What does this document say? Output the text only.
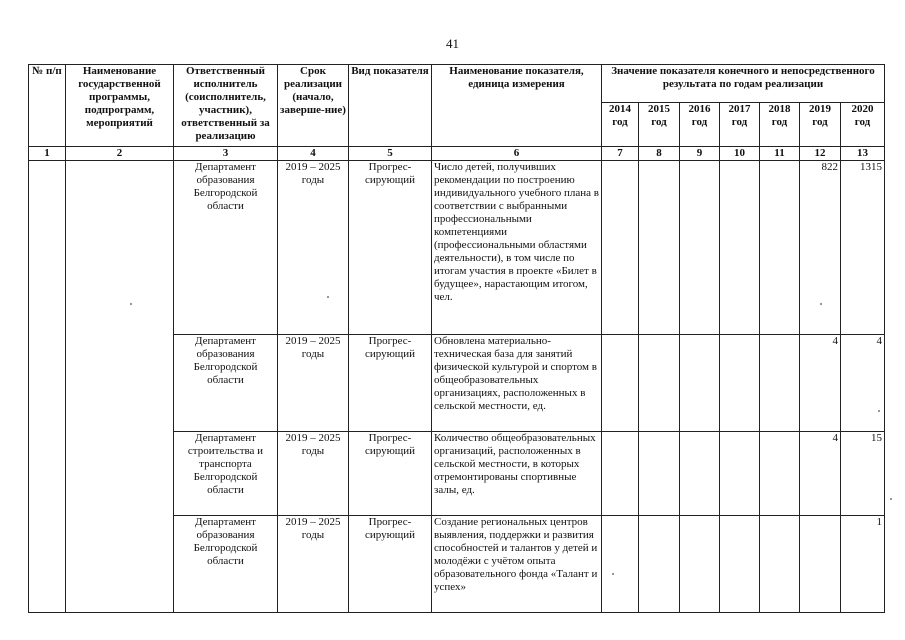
41
№ п/п	Наименование государственной программы, подпрограмм, мероприятий	Ответственный исполнитель (соисполнитель, участник), ответственный за реализацию	Срок реализации (начало, заверше-ние)	Вид показателя	Наименование показателя, единица измерения	Значение показателя конечного и непосредственного результата по годам реализации						
						2014 год	2015 год	2016 год	2017 год	2018 год	2019 год	2020 год
1	2	3	4	5	6	7	8	9	10	11	12	13
		Департамент образования Белгородской области	2019 – 2025 годы	Прогрес-сирующий	Число детей, получивших рекомендации по построению индивидуального учебного плана в соответствии с выбранными профессиональными компетенциями (профессиональными областями деятельности), в том числе по итогам участия в проекте «Билет в будущее», нарастающим итогом, чел.						822	1315
		Департамент образования Белгородской области	2019 – 2025 годы	Прогрес-сирующий	Обновлена материально-техническая база для занятий физической культурой и спортом в общеобразовательных организациях, расположенных в сельской местности, ед.						4	4
		Департамент строительства и транспорта Белгородской области	2019 – 2025 годы	Прогрес-сирующий	Количество общеобразовательных организаций, расположенных в сельской местности, в которых отремонтированы спортивные залы, ед.						4	15
		Департамент образования Белгородской области	2019 – 2025 годы	Прогрес-сирующий	Создание региональных центров выявления, поддержки и развития способностей и талантов у детей и молодёжи с учётом опыта образовательного фонда «Талант и успех»							1
